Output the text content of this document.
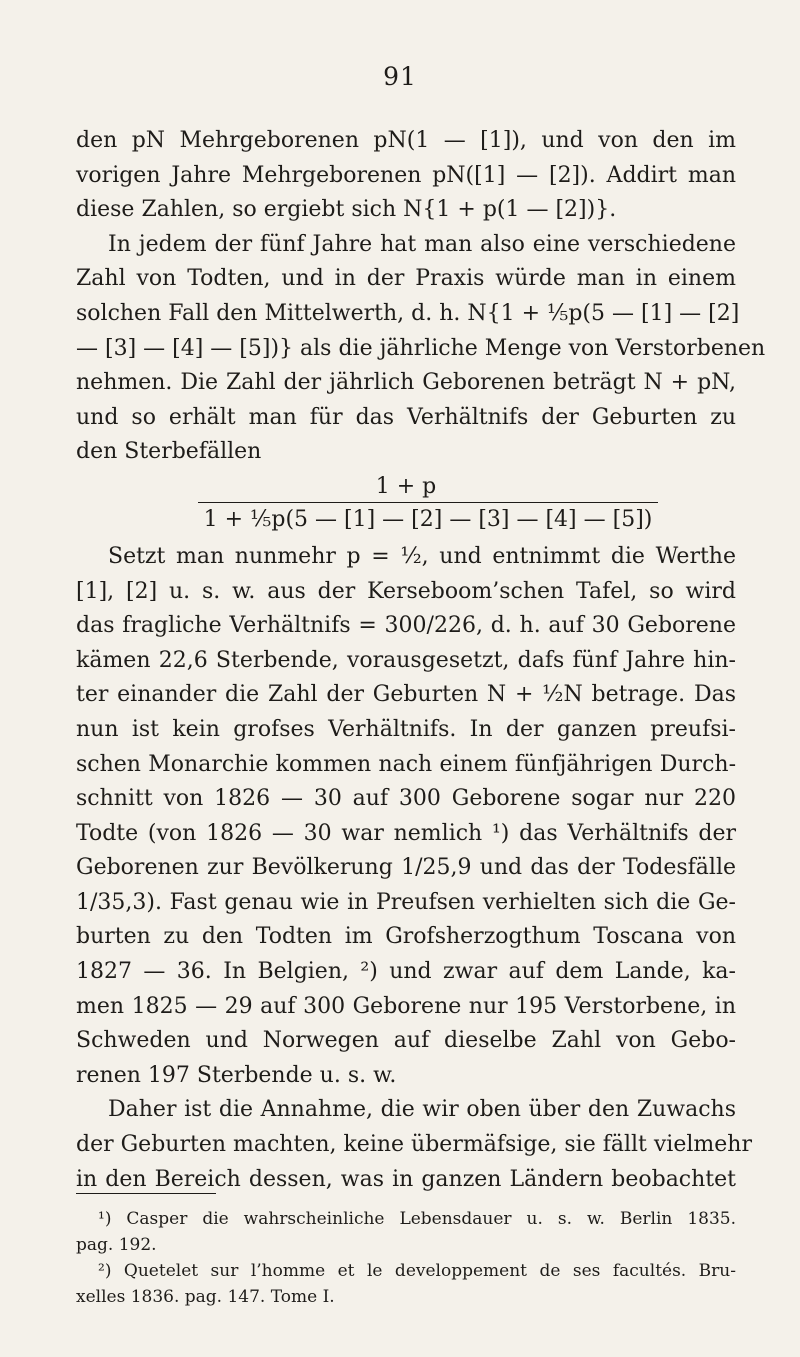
91
den pN Mehrgeborenen pN(1 — [1]), und von den im
vorigen Jahre Mehrgeborenen pN([1] — [2]). Addirt man
diese Zahlen, so ergiebt sich N{1 + p(1 — [2])}.
In jedem der fünf Jahre hat man also eine verschiedene
Zahl von Todten, und in der Praxis würde man in einem
solchen Fall den Mittelwerth, d. h. N{1 + ⅕p(5 — [1] — [2]
— [3] — [4] — [5])} als die jährliche Menge von Verstorbenen
nehmen. Die Zahl der jährlich Geborenen beträgt N + pN,
und so erhält man für das Verhältnifs der Geburten zu
den Sterbefällen
1 + p
1 + ⅕p(5 — [1] — [2] — [3] — [4] — [5])
Setzt man nunmehr p = ½, und entnimmt die Werthe
[1], [2] u. s. w. aus der Kerseboom’schen Tafel, so wird
das fragliche Verhältnifs = 300/226, d. h. auf 30 Geborene
kämen 22,6 Sterbende, vorausgesetzt, dafs fünf Jahre hin-
ter einander die Zahl der Geburten N + ½N betrage. Das
nun ist kein grofses Verhältnifs. In der ganzen preufsi-
schen Monarchie kommen nach einem fünfjährigen Durch-
schnitt von 1826 — 30 auf 300 Geborene sogar nur 220
Todte (von 1826 — 30 war nemlich ¹) das Verhältnifs der
Geborenen zur Bevölkerung 1/25,9 und das der Todesfälle
1/35,3). Fast genau wie in Preufsen verhielten sich die Ge-
burten zu den Todten im Grofsherzogthum Toscana von
1827 — 36. In Belgien, ²) und zwar auf dem Lande, ka-
men 1825 — 29 auf 300 Geborene nur 195 Verstorbene, in
Schweden und Norwegen auf dieselbe Zahl von Gebo-
renen 197 Sterbende u. s. w.
Daher ist die Annahme, die wir oben über den Zuwachs
der Geburten machten, keine übermäfsige, sie fällt vielmehr
in den Bereich dessen, was in ganzen Ländern beobachtet
¹) Casper die wahrscheinliche Lebensdauer u. s. w. Berlin 1835.
pag. 192.
²) Quetelet sur l’homme et le developpement de ses facultés. Bru-
xelles 1836. pag. 147. Tome I.
